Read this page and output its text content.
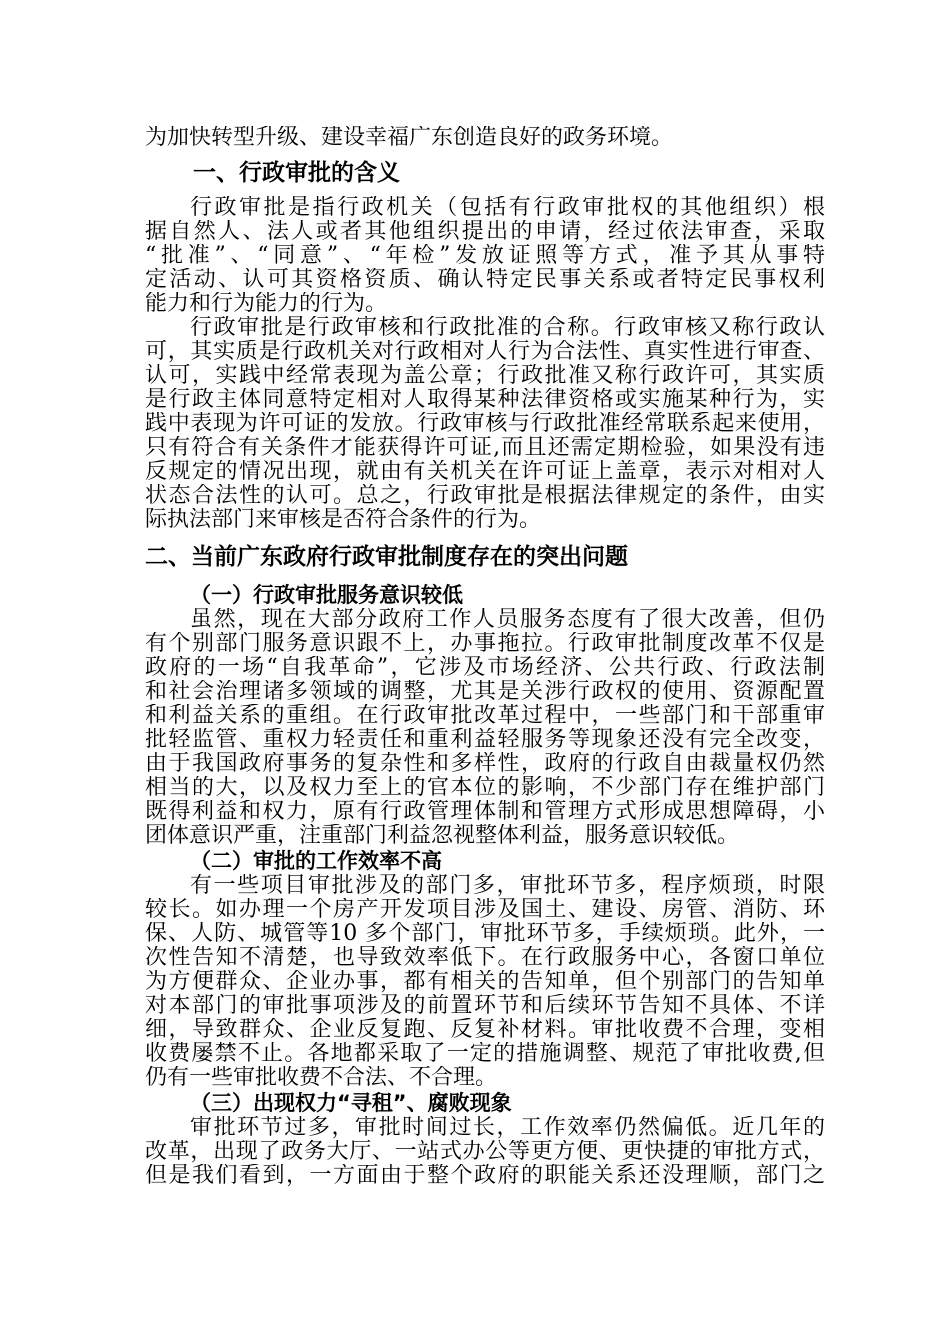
为加快转型升级、建设幸福广东创造良好的政务环境。
一、行政审批的含义
行政审批是指行政机关（包括有行政审批权的其他组织）根
据自然人、法人或者其他组织提出的申请，经过依法审查，采取
“批准”、“同意”、“年检”发放证照等方式，准予其从事特
定活动、认可其资格资质、确认特定民事关系或者特定民事权利
能力和行为能力的行为。
行政审批是行政审核和行政批准的合称。行政审核又称行政认
可，其实质是行政机关对行政相对人行为合法性、真实性进行审查、
认可，实践中经常表现为盖公章；行政批准又称行政许可，其实质
是行政主体同意特定相对人取得某种法律资格或实施某种行为，实
践中表现为许可证的发放。行政审核与行政批准经常联系起来使用，
只有符合有关条件才能获得许可证,而且还需定期检验，如果没有违
反规定的情况出现，就由有关机关在许可证上盖章，表示对相对人
状态合法性的认可。总之，行政审批是根据法律规定的条件，由实
际执法部门来审核是否符合条件的行为。
二、当前广东政府行政审批制度存在的突出问题
（一）行政审批服务意识较低
虽然，现在大部分政府工作人员服务态度有了很大改善，但仍
有个别部门服务意识跟不上，办事拖拉。行政审批制度改革不仅是
政府的一场“自我革命”，它涉及市场经济、公共行政、行政法制
和社会治理诸多领域的调整，尤其是关涉行政权的使用、资源配置
和利益关系的重组。在行政审批改革过程中，一些部门和干部重审
批轻监管、重权力轻责任和重利益轻服务等现象还没有完全改变，
由于我国政府事务的复杂性和多样性，政府的行政自由裁量权仍然
相当的大，以及权力至上的官本位的影响，不少部门存在维护部门
既得利益和权力，原有行政管理体制和管理方式形成思想障碍，小
团体意识严重，注重部门利益忽视整体利益，服务意识较低。
（二）审批的工作效率不高
有一些项目审批涉及的部门多，审批环节多，程序烦琐，时限
较长。如办理一个房产开发项目涉及国土、建设、房管、消防、环
保、人防、城管等10 多个部门，审批环节多，手续烦琐。此外，一
次性告知不清楚，也导致效率低下。在行政服务中心，各窗口单位
为方便群众、企业办事，都有相关的告知单，但个别部门的告知单
对本部门的审批事项涉及的前置环节和后续环节告知不具体、不详
细，导致群众、企业反复跑、反复补材料。审批收费不合理，变相
收费屡禁不止。各地都采取了一定的措施调整、规范了审批收费,但
仍有一些审批收费不合法、不合理。
（三）出现权力“寻租”、腐败现象
审批环节过多，审批时间过长，工作效率仍然偏低。近几年的
改革，出现了政务大厅、一站式办公等更方便、更快捷的审批方式，
但是我们看到，一方面由于整个政府的职能关系还没理顺，部门之
